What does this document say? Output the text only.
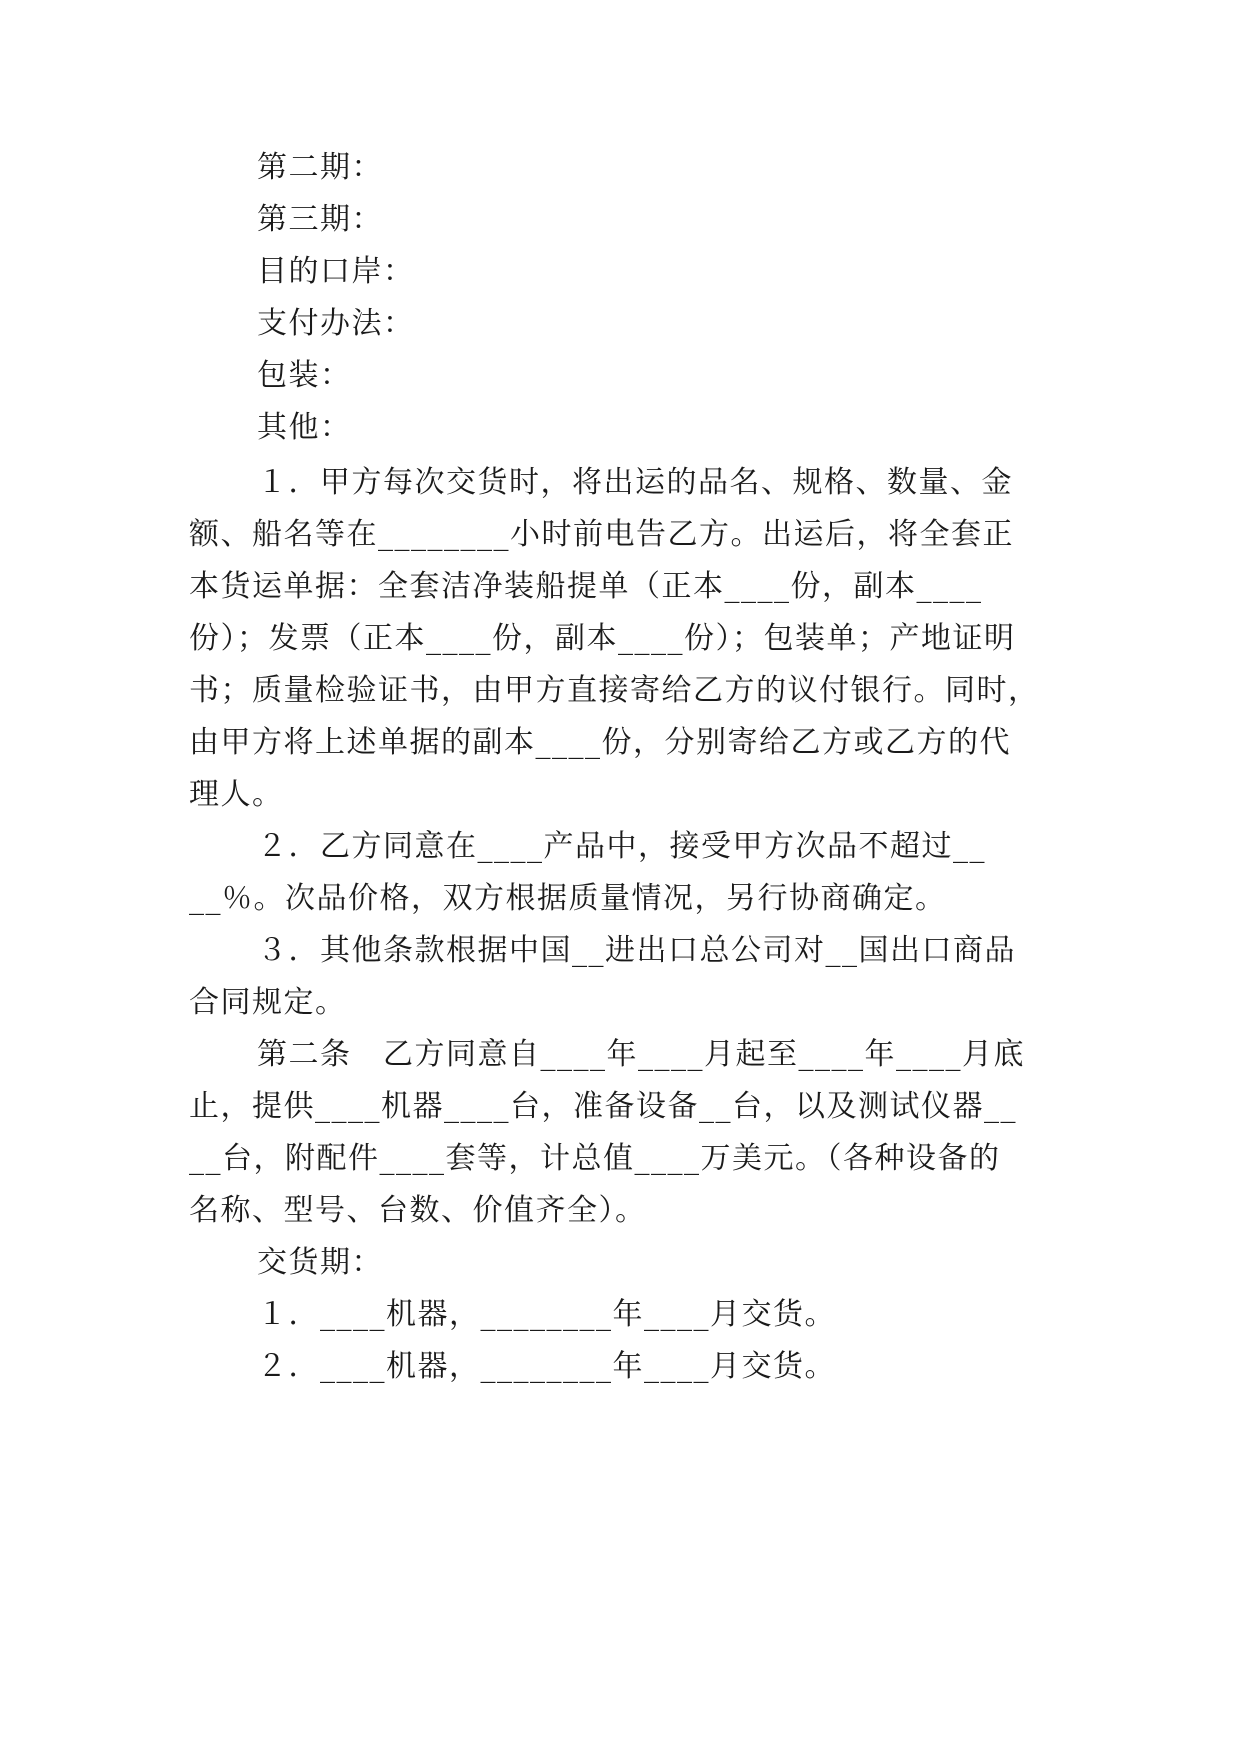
第二期：
第三期：
目的口岸：
支付办法：
包装：
其他：
１．甲方每次交货时，将出运的品名、规格、数量、金
额、船名等在________小时前电告乙方。出运后，将全套正
本货运单据：全套洁净装船提单（正本____份，副本____
份）；发票（正本____份，副本____份）；包装单；产地证明
书；质量检验证书，由甲方直接寄给乙方的议付银行。同时，
由甲方将上述单据的副本____份，分别寄给乙方或乙方的代
理人。
２．乙方同意在____产品中，接受甲方次品不超过__
__％。次品价格，双方根据质量情况，另行协商确定。
３．其他条款根据中国__进出口总公司对__国出口商品
合同规定。
第二条　乙方同意自____年____月起至____年____月底
止，提供____机器____台，准备设备__台，以及测试仪器__
__台，附配件____套等，计总值____万美元。（各种设备的
名称、型号、台数、价值齐全）。
交货期：
１．____机器，________年____月交货。
２．____机器，________年____月交货。
